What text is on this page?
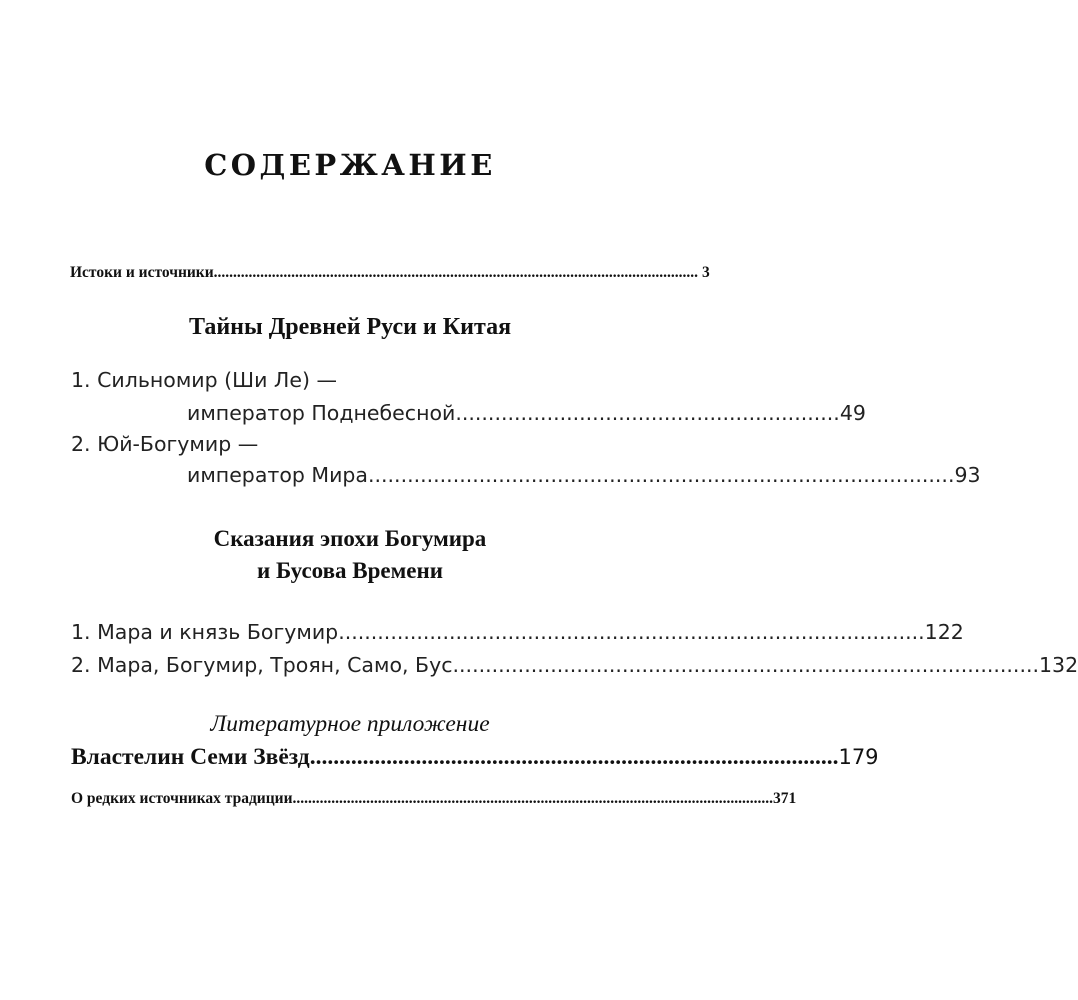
СОДЕРЖАНИЕ
Истоки и источники. ............................................................................................................................ 3
Тайны Древней Руси и Китая
1. Сильномир (Ши Ле) —
император Поднебесной. .......................................................... 49
2. Юй-Богумир —
император Мира .......................................................................................... 93
Сказания эпохи Богумира
и Бусова Времени
1. Мара и князь Богумир .......................................................................................... 122
2. Мара, Богумир, Троян, Само, Бус .......................................................................................... 132
Литературное приложение
Властелин Семи Звёзд .......................................................................................... 179
О редких источниках традиции ............................................................................................................................ 371
